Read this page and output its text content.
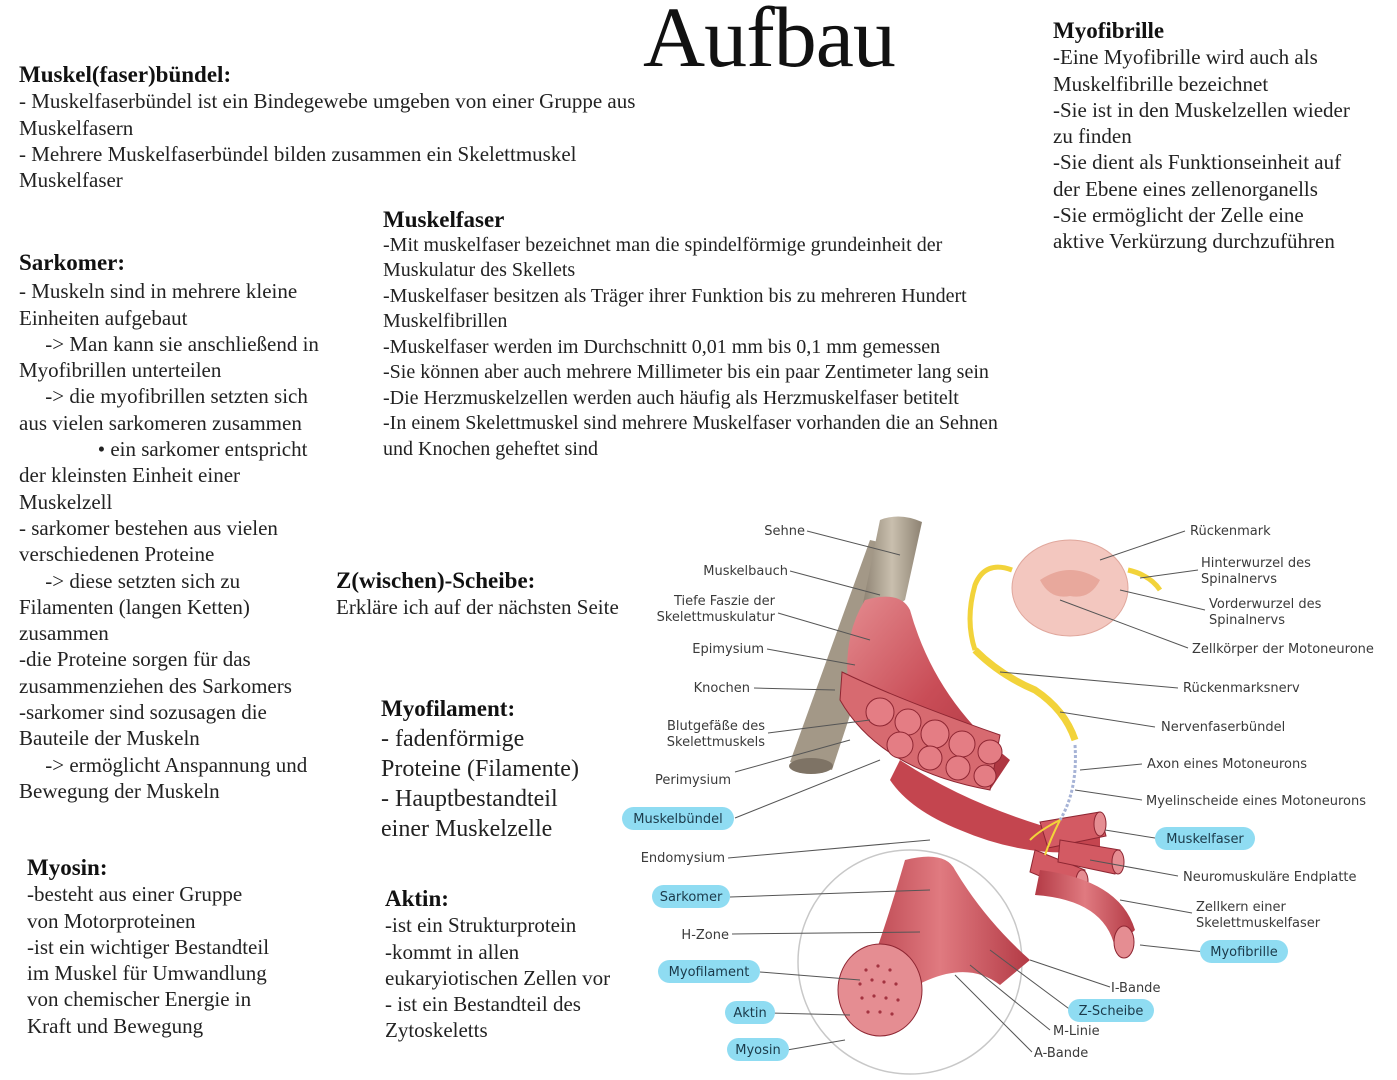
Aufbau
Muskel(faser)bündel:
- Muskelfaserbündel ist ein Bindegewebe umgeben von einer Gruppe aus
Muskelfasern
- Mehrere Muskelfaserbündel bilden zusammen ein Skelettmuskel
Muskelfaser
Sarkomer:
- Muskeln sind in mehrere kleine
Einheiten aufgebaut
-> Man kann sie anschließend in
Myofibrillen unterteilen
-> die myofibrillen setzten sich
aus vielen sarkomeren zusammen
• ein sarkomer entspricht
der kleinsten Einheit einer
Muskelzell
- sarkomer bestehen aus vielen
verschiedenen Proteine
-> diese setzten sich zu
Filamenten (langen Ketten)
zusammen
-die Proteine sorgen für das
zusammenziehen des Sarkomers
-sarkomer sind sozusagen die
Bauteile der Muskeln
-> ermöglicht Anspannung und
Bewegung der Muskeln
Muskelfaser
-Mit muskelfaser bezeichnet man die spindelförmige grundeinheit der
Muskulatur des Skellets
-Muskelfaser besitzen als Träger ihrer Funktion bis zu mehreren Hundert
Muskelfibrillen
-Muskelfaser werden im Durchschnitt 0,01 mm bis 0,1 mm gemessen
-Sie können aber auch mehrere Millimeter bis ein paar Zentimeter lang sein
-Die Herzmuskelzellen werden auch häufig als Herzmuskelfaser betitelt
-In einem Skelettmuskel sind mehrere Muskelfaser vorhanden die an Sehnen
und Knochen geheftet sind
Myofibrille
-Eine Myofibrille wird auch als
Muskelfibrille bezeichnet
-Sie ist in den Muskelzellen wieder
zu finden
-Sie dient als Funktionseinheit auf
der Ebene eines zellenorganells
-Sie ermöglicht der Zelle eine
aktive Verkürzung durchzuführen
Z(wischen)-Scheibe:
Erkläre ich auf der nächsten Seite
Myofilament:
- fadenförmige
Proteine (Filamente)
- Hauptbestandteil
einer Muskelzelle
Myosin:
-besteht aus einer Gruppe
von Motorproteinen
-ist ein wichtiger Bestandteil
im Muskel für Umwandlung
von chemischer Energie in
Kraft und Bewegung
Aktin:
-ist ein Strukturprotein
-kommt in allen
eukaryiotischen Zellen vor
- ist ein Bestandteil des
Zytoskeletts
Sehne
Muskelbauch
Tiefe Faszie der
Skelettmuskulatur
Epimysium
Knochen
Blutgefäße des
Skelettmuskels
Perimysium
Muskelbündel
Endomysium
Sarkomer
H-Zone
Myofilament
Aktin
Myosin
Rückenmark
Hinterwurzel des
Spinalnervs
Vorderwurzel des
Spinalnervs
Zellkörper der Motoneurone
Rückenmarksnerv
Nervenfaserbündel
Axon eines Motoneurons
Myelinscheide eines Motoneurons
Muskelfaser
Neuromuskuläre Endplatte
Zellkern einer
Skelettmuskelfaser
Myofibrille
I-Bande
Z-Scheibe
M-Linie
A-Bande
